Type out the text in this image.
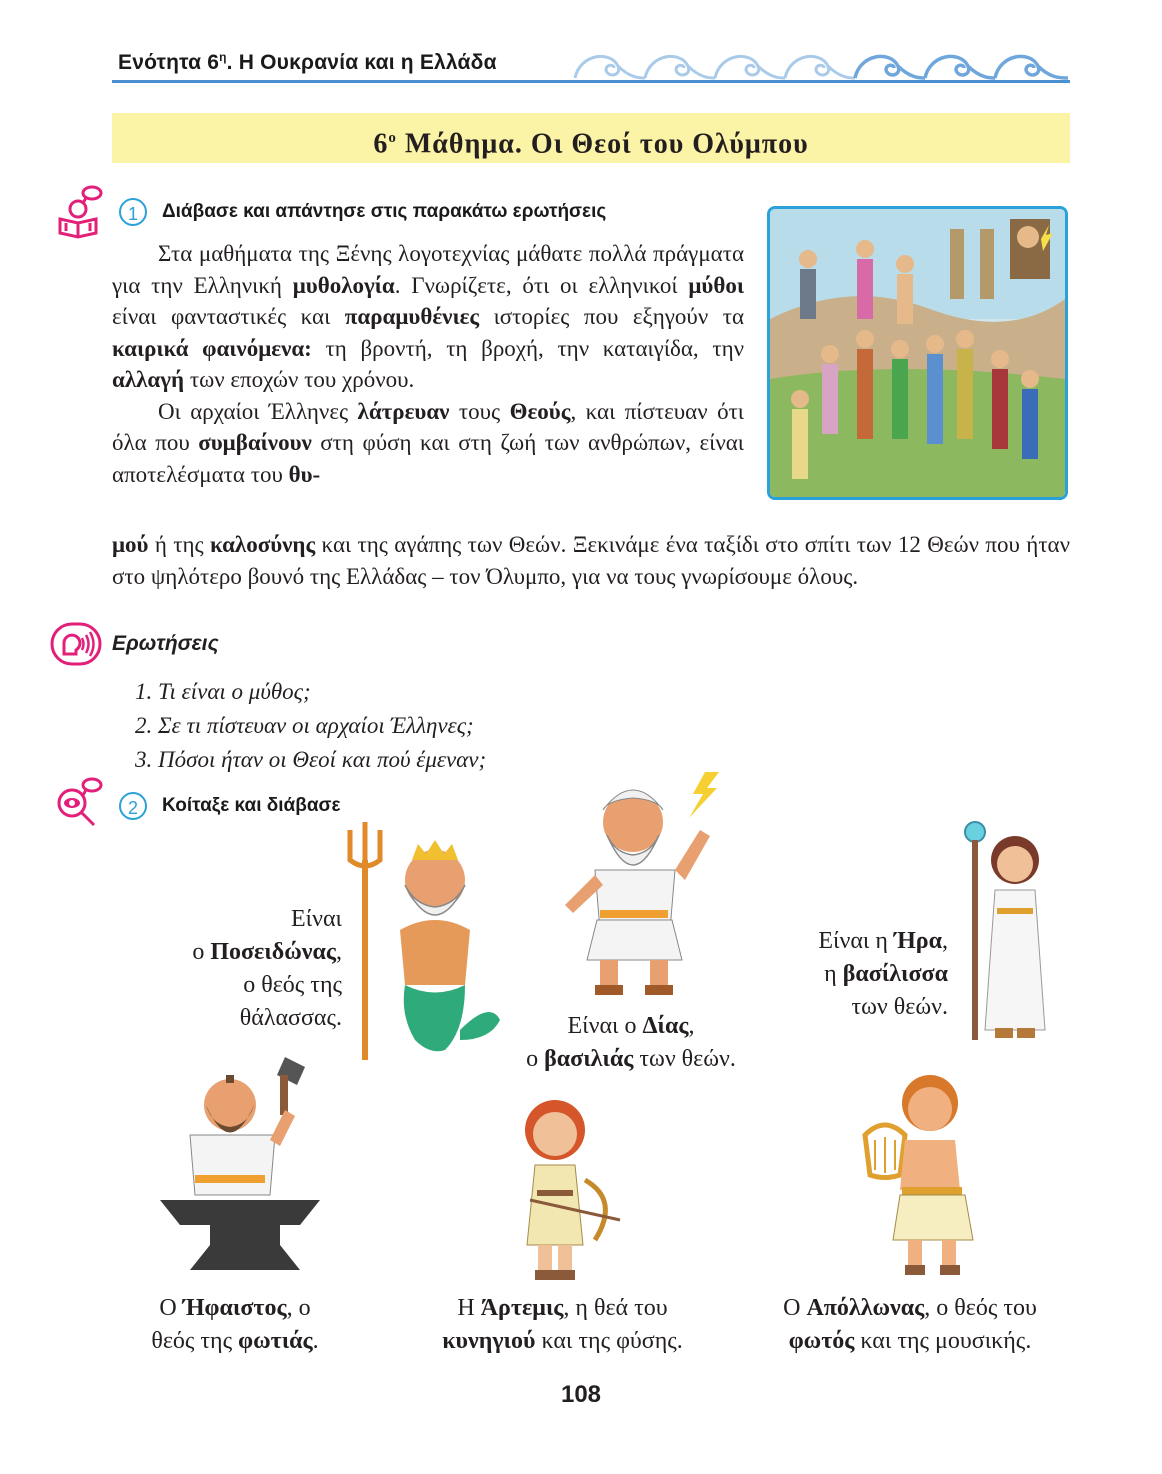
Ενότητα $6^\eta$. Η Ουκρανία και η Ελλάδα
$6^o$ Μάθημα. Οι Θεοί του Ολύμπου
1	Διάβασε και απάντησε στις παρακάτω ερωτήσεις

Στα μαθήματα της Ξένης λογοτεχνίας μάθατε πολλά πράγματα για την Ελληνική μυθολογία. Γνωρίζετε, ότι οι ελληνικοί μύθοι είναι φανταστικές και παραμυθένιες ιστορίες που εξηγούν τα καιρικά φαινόμενα: τη βροντή, τη βροχή, την καταιγίδα, την αλλαγή των εποχών του χρόνου.

Οι αρχαίοι Έλληνες λάτρευαν τους Θεούς, και πίστευαν ότι όλα που συμβαίνουν στη φύση και στη ζωή των ανθρώπων, είναι αποτελέσματα του θυ-

μού ή της καλοσύνης και της αγάπης των Θεών. Ξεκινάμε ένα ταξίδι στο σπίτι των 12 Θεών που ήταν στο ψηλότερο βουνό της Ελλάδας – τον Όλυμπο, για να τους γνωρίσουμε όλους.

Ερωτήσεις
1. Τι είναι ο μύθος;
2. Σε τι πίστευαν οι αρχαίοι Έλληνες;
3. Πόσοι ήταν οι Θεοί και πού έμεναν;
2	Κοίταξε και διάβασε
Είναι
ο Ποσειδώνας,
ο θεός της
θάλασσας.	Είναι ο Δίας,
ο βασιλιάς των θεών.
Είναι η Ήρα,
η βασίλισσα
των θεών.
Ο Ήφαιστος, ο
θεός της φωτιάς.
Η Άρτεμις, η θεά του
κυνηγιού και της φύσης.
Ο Απόλλωνας, ο θεός του
φωτός και της μουσικής.
108
